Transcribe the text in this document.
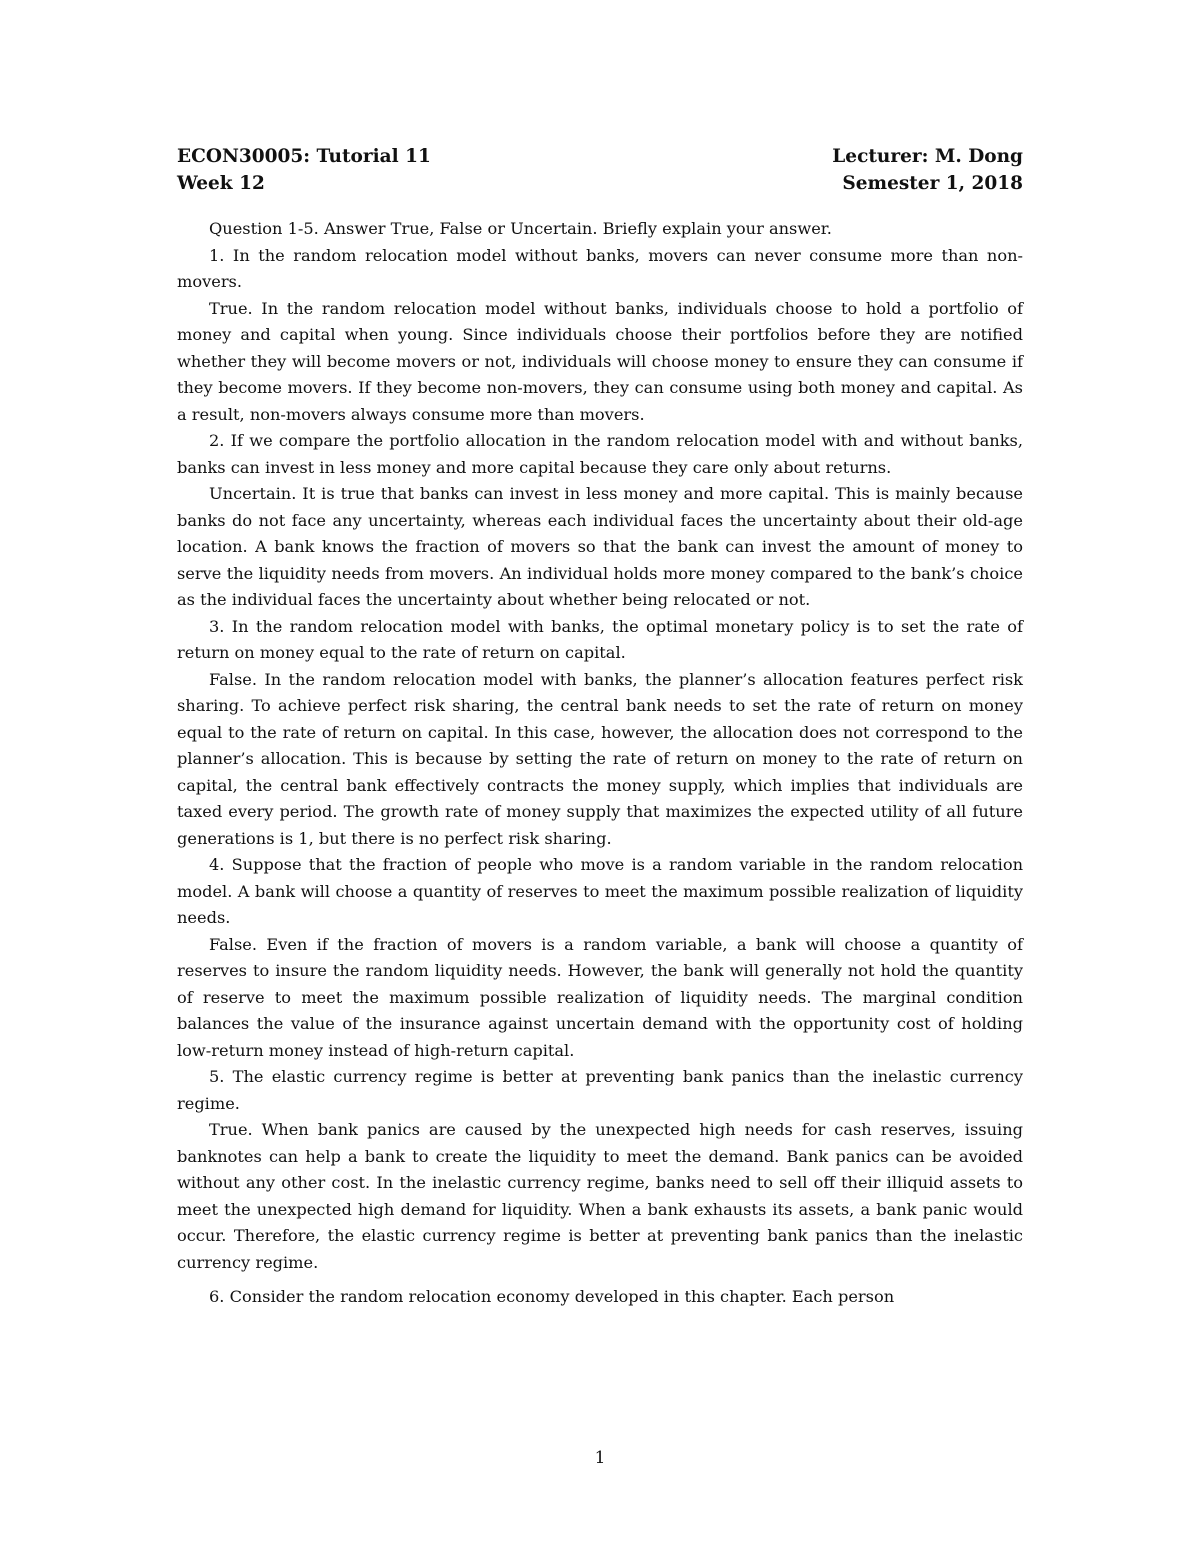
ECON30005: Tutorial 11	Lecturer: M. Dong
Week 12	Semester 1, 2018

Question 1-5. Answer True, False or Uncertain. Briefly explain your answer.

1. In the random relocation model without banks, movers can never consume more than non-movers.

True. In the random relocation model without banks, individuals choose to hold a portfolio of money and capital when young. Since individuals choose their portfolios before they are notified whether they will become movers or not, individuals will choose money to ensure they can consume if they become movers. If they become non-movers, they can consume using both money and capital. As a result, non-movers always consume more than movers.

2. If we compare the portfolio allocation in the random relocation model with and without banks, banks can invest in less money and more capital because they care only about returns.

Uncertain. It is true that banks can invest in less money and more capital. This is mainly because banks do not face any uncertainty, whereas each individual faces the uncertainty about their old-age location. A bank knows the fraction of movers so that the bank can invest the amount of money to serve the liquidity needs from movers. An individual holds more money compared to the bank’s choice as the individual faces the uncertainty about whether being relocated or not.

3. In the random relocation model with banks, the optimal monetary policy is to set the rate of return on money equal to the rate of return on capital.

False. In the random relocation model with banks, the planner’s allocation features perfect risk sharing. To achieve perfect risk sharing, the central bank needs to set the rate of return on money equal to the rate of return on capital. In this case, however, the allocation does not correspond to the planner’s allocation. This is because by setting the rate of return on money to the rate of return on capital, the central bank effectively contracts the money supply, which implies that individuals are taxed every period. The growth rate of money supply that maximizes the expected utility of all future generations is 1, but there is no perfect risk sharing.

4. Suppose that the fraction of people who move is a random variable in the random relocation model. A bank will choose a quantity of reserves to meet the maximum possible realization of liquidity needs.

False. Even if the fraction of movers is a random variable, a bank will choose a quantity of reserves to insure the random liquidity needs. However, the bank will generally not hold the quantity of reserve to meet the maximum possible realization of liquidity needs. The marginal condition balances the value of the insurance against uncertain demand with the opportunity cost of holding low-return money instead of high-return capital.

5. The elastic currency regime is better at preventing bank panics than the inelastic currency regime.

True. When bank panics are caused by the unexpected high needs for cash reserves, issuing banknotes can help a bank to create the liquidity to meet the demand. Bank panics can be avoided without any other cost. In the inelastic currency regime, banks need to sell off their illiquid assets to meet the unexpected high demand for liquidity. When a bank exhausts its assets, a bank panic would occur. Therefore, the elastic currency regime is better at preventing bank panics than the inelastic currency regime.

6. Consider the random relocation economy developed in this chapter. Each person

1
